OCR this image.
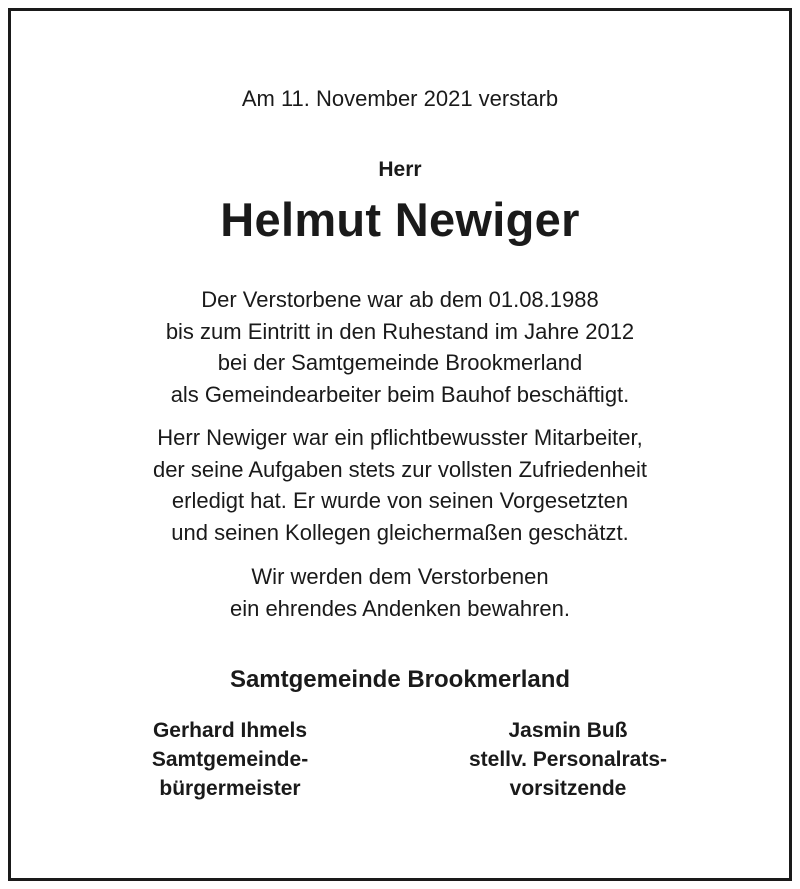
Am 11. November 2021 verstarb
Herr
Helmut Newiger
Der Verstorbene war ab dem 01.08.1988
bis zum Eintritt in den Ruhestand im Jahre 2012
bei der Samtgemeinde Brookmerland
als Gemeindearbeiter beim Bauhof beschäftigt.
Herr Newiger war ein pflichtbewusster Mitarbeiter,
der seine Aufgaben stets zur vollsten Zufriedenheit
erledigt hat. Er wurde von seinen Vorgesetzten
und seinen Kollegen gleichermaßen geschätzt.
Wir werden dem Verstorbenen
ein ehrendes Andenken bewahren.
Samtgemeinde Brookmerland
Gerhard Ihmels
Samtgemeinde-
bürgermeister
Jasmin Buß
stellv. Personalrats-
vorsitzende
